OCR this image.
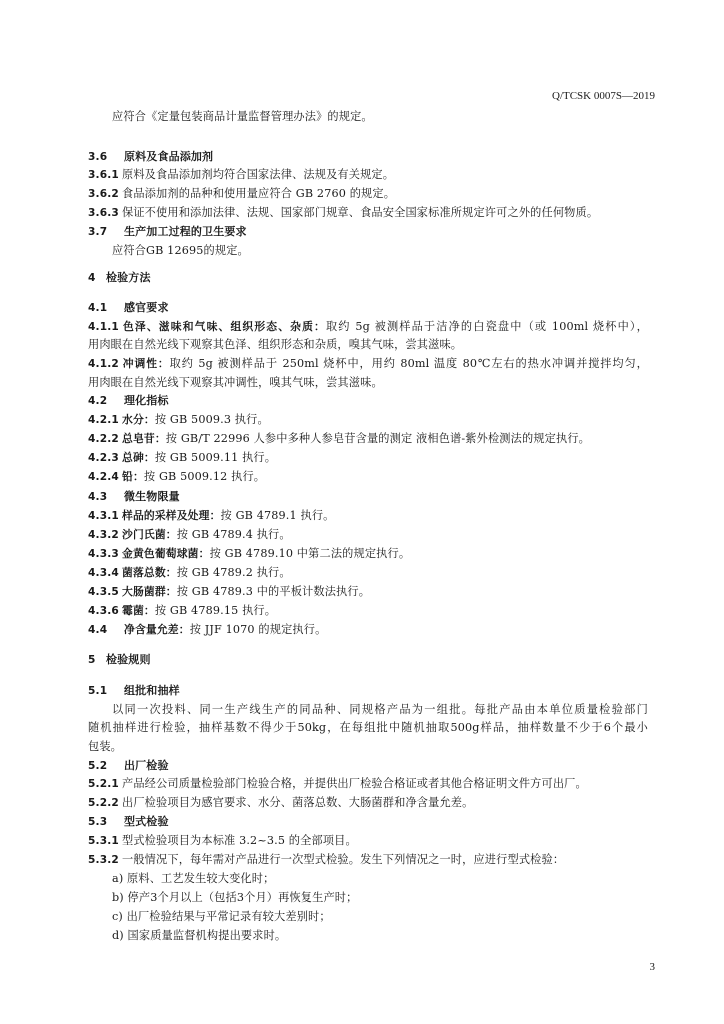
Q/TCSK 0007S—2019
应符合《定量包装商品计量监督管理办法》的规定。
3.6 原料及食品添加剂
3.6.1 原料及食品添加剂均符合国家法律、法规及有关规定。
3.6.2 食品添加剂的品种和使用量应符合 GB 2760 的规定。
3.6.3 保证不使用和添加法律、法规、国家部门规章、食品安全国家标准所规定许可之外的任何物质。
3.7 生产加工过程的卫生要求
应符合GB 12695的规定。
4 检验方法
4.1 感官要求
4.1.1 色泽、滋味和气味、组织形态、杂质：取约 5g 被测样品于洁净的白瓷盘中（或 100ml 烧杯中），
用肉眼在自然光线下观察其色泽、组织形态和杂质，嗅其气味，尝其滋味。
4.1.2 冲调性：取约 5g 被测样品于 250ml 烧杯中，用约 80ml 温度 80℃左右的热水冲调并搅拌均匀，
用肉眼在自然光线下观察其冲调性，嗅其气味，尝其滋味。
4.2 理化指标
4.2.1 水分：按 GB 5009.3 执行。
4.2.2 总皂苷：按 GB/T 22996 人参中多种人参皂苷含量的测定 液相色谱-紫外检测法的规定执行。
4.2.3 总砷：按 GB 5009.11 执行。
4.2.4 铅：按 GB 5009.12 执行。
4.3 微生物限量
4.3.1 样品的采样及处理：按 GB 4789.1 执行。
4.3.2 沙门氏菌：按 GB 4789.4 执行。
4.3.3 金黄色葡萄球菌：按 GB 4789.10 中第二法的规定执行。
4.3.4 菌落总数：按 GB 4789.2 执行。
4.3.5 大肠菌群：按 GB 4789.3 中的平板计数法执行。
4.3.6 霉菌：按 GB 4789.15 执行。
4.4 净含量允差：按 JJF 1070 的规定执行。
5 检验规则
5.1 组批和抽样
以同一次投料、同一生产线生产的同品种、同规格产品为一组批。每批产品由本单位质量检验部门
随机抽样进行检验，抽样基数不得少于50kg，在每组批中随机抽取500g样品，抽样数量不少于6个最小
包装。
5.2 出厂检验
5.2.1 产品经公司质量检验部门检验合格，并提供出厂检验合格证或者其他合格证明文件方可出厂。
5.2.2 出厂检验项目为感官要求、水分、菌落总数、大肠菌群和净含量允差。
5.3 型式检验
5.3.1 型式检验项目为本标准 3.2~3.5 的全部项目。
5.3.2 一般情况下，每年需对产品进行一次型式检验。发生下列情况之一时，应进行型式检验：
a) 原料、工艺发生较大变化时；
b) 停产3个月以上（包括3个月）再恢复生产时；
c) 出厂检验结果与平常记录有较大差别时；
d) 国家质量监督机构提出要求时。
3
